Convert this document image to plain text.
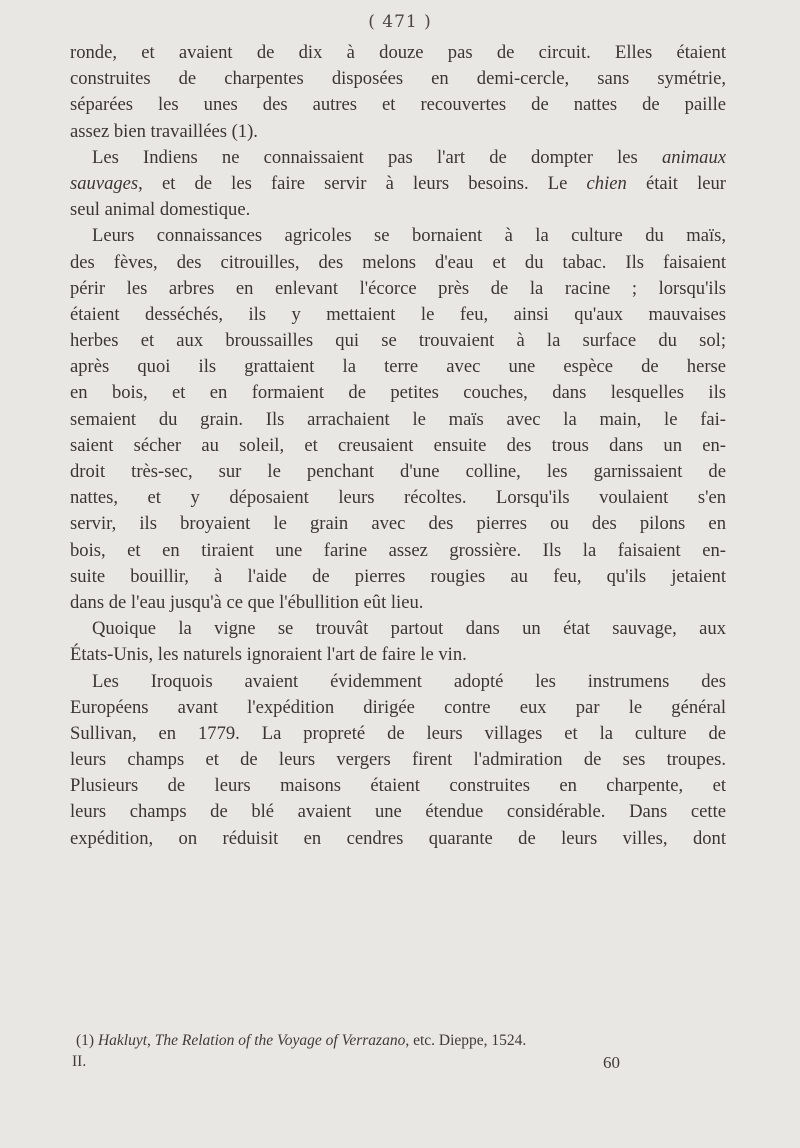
( 471 )
ronde, et avaient de dix à douze pas de circuit. Elles étaient
construites de charpentes disposées en demi-cercle, sans symétrie,
séparées les unes des autres et recouvertes de nattes de paille
assez bien travaillées (1).
Les Indiens ne connaissaient pas l'art de dompter les animaux
sauvages, et de les faire servir à leurs besoins. Le chien était leur
seul animal domestique.
Leurs connaissances agricoles se bornaient à la culture du maïs,
des fèves, des citrouilles, des melons d'eau et du tabac. Ils faisaient
périr les arbres en enlevant l'écorce près de la racine ; lorsqu'ils
étaient desséchés, ils y mettaient le feu, ainsi qu'aux mauvaises
herbes et aux broussailles qui se trouvaient à la surface du sol;
après quoi ils grattaient la terre avec une espèce de herse
en bois, et en formaient de petites couches, dans lesquelles ils
semaient du grain. Ils arrachaient le maïs avec la main, le fai-
saient sécher au soleil, et creusaient ensuite des trous dans un en-
droit très-sec, sur le penchant d'une colline, les garnissaient de
nattes, et y déposaient leurs récoltes. Lorsqu'ils voulaient s'en
servir, ils broyaient le grain avec des pierres ou des pilons en
bois, et en tiraient une farine assez grossière. Ils la faisaient en-
suite bouillir, à l'aide de pierres rougies au feu, qu'ils jetaient
dans de l'eau jusqu'à ce que l'ébullition eût lieu.
Quoique la vigne se trouvât partout dans un état sauvage, aux
États-Unis, les naturels ignoraient l'art de faire le vin.
Les Iroquois avaient évidemment adopté les instrumens des
Européens avant l'expédition dirigée contre eux par le général
Sullivan, en 1779. La propreté de leurs villages et la culture de
leurs champs et de leurs vergers firent l'admiration de ses troupes.
Plusieurs de leurs maisons étaient construites en charpente, et
leurs champs de blé avaient une étendue considérable. Dans cette
expédition, on réduisit en cendres quarante de leurs villes, dont
(1) Hakluyt, The Relation of the Voyage of Verrazano, etc. Dieppe, 1524.
II.	60
